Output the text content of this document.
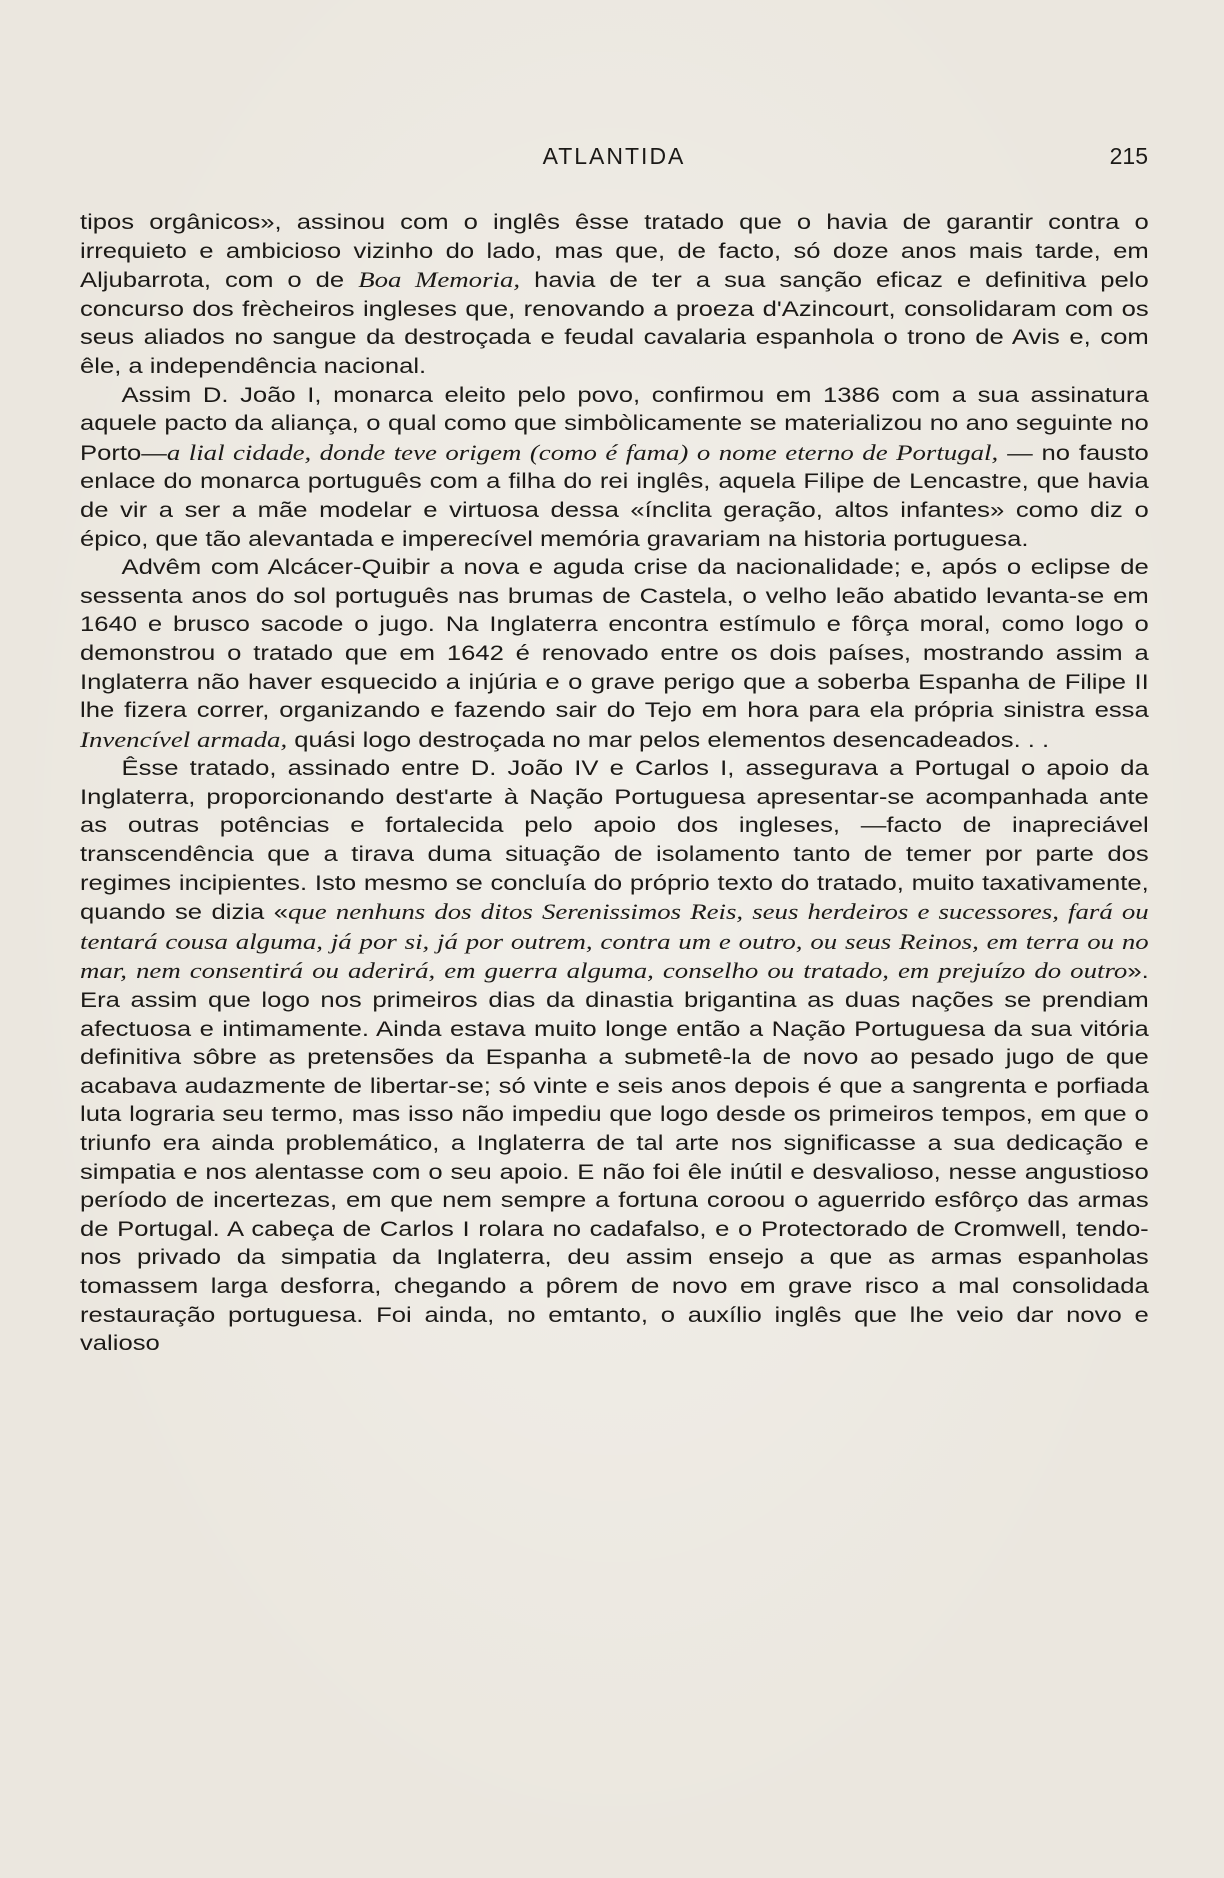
ATLANTIDA	215

tipos orgânicos», assinou com o inglês êsse tratado que o havia de garantir contra o irrequieto e ambicioso vizinho do lado, mas que, de facto, só doze anos mais tarde, em Aljubarrota, com o de Boa Memoria, havia de ter a sua sanção eficaz e definitiva pelo concurso dos frècheiros ingleses que, renovando a proeza d'Azincourt, consolidaram com os seus aliados no sangue da destroçada e feudal cavalaria espanhola o trono de Avis e, com êle, a independência nacional.

Assim D. João I, monarca eleito pelo povo, confirmou em 1386 com a sua assinatura aquele pacto da aliança, o qual como que simbòlicamente se materializou no ano seguinte no Porto—a lial cidade, donde teve origem (como é fama) o nome eterno de Portugal, — no fausto enlace do monarca português com a filha do rei inglês, aquela Filipe de Lencastre, que havia de vir a ser a mãe modelar e virtuosa dessa «ínclita geração, altos infantes» como diz o épico, que tão alevantada e imperecível memória gravariam na historia portuguesa.

Advêm com Alcácer-Quibir a nova e aguda crise da nacionalidade; e, após o eclipse de sessenta anos do sol português nas brumas de Castela, o velho leão abatido levanta-se em 1640 e brusco sacode o jugo. Na Inglaterra encontra estímulo e fôrça moral, como logo o demonstrou o tratado que em 1642 é renovado entre os dois países, mostrando assim a Inglaterra não haver esquecido a injúria e o grave perigo que a soberba Espanha de Filipe II lhe fizera correr, organizando e fazendo sair do Tejo em hora para ela própria sinistra essa Invencível armada, quási logo destroçada no mar pelos elementos desencadeados. . .

Êsse tratado, assinado entre D. João IV e Carlos I, assegurava a Portugal o apoio da Inglaterra, proporcionando dest'arte à Nação Portuguesa apresentar-se acompanhada ante as outras potências e fortalecida pelo apoio dos ingleses, —facto de inapreciável transcendência que a tirava duma situação de isolamento tanto de temer por parte dos regimes incipientes. Isto mesmo se concluía do próprio texto do tratado, muito taxativamente, quando se dizia «que nenhuns dos ditos Serenissimos Reis, seus herdeiros e sucessores, fará ou tentará cousa alguma, já por si, já por outrem, contra um e outro, ou seus Reinos, em terra ou no mar, nem consentirá ou aderirá, em guerra alguma, conselho ou tratado, em prejuízo do outro». Era assim que logo nos primeiros dias da dinastia brigantina as duas nações se prendiam afectuosa e intimamente. Ainda estava muito longe então a Nação Portuguesa da sua vitória definitiva sôbre as pretensões da Espanha a submetê-la de novo ao pesado jugo de que acabava audazmente de libertar-se; só vinte e seis anos depois é que a sangrenta e porfiada luta lograria seu termo, mas isso não impediu que logo desde os primeiros tempos, em que o triunfo era ainda problemático, a Inglaterra de tal arte nos significasse a sua dedicação e simpatia e nos alentasse com o seu apoio. E não foi êle inútil e desvalioso, nesse angustioso período de incertezas, em que nem sempre a fortuna coroou o aguerrido esfôrço das armas de Portugal. A cabeça de Carlos I rolara no cadafalso, e o Protectorado de Cromwell, tendo-nos privado da simpatia da Inglaterra, deu assim ensejo a que as armas espanholas tomassem larga desforra, chegando a pôrem de novo em grave risco a mal consolidada restauração portuguesa. Foi ainda, no emtanto, o auxílio inglês que lhe veio dar novo e valioso
